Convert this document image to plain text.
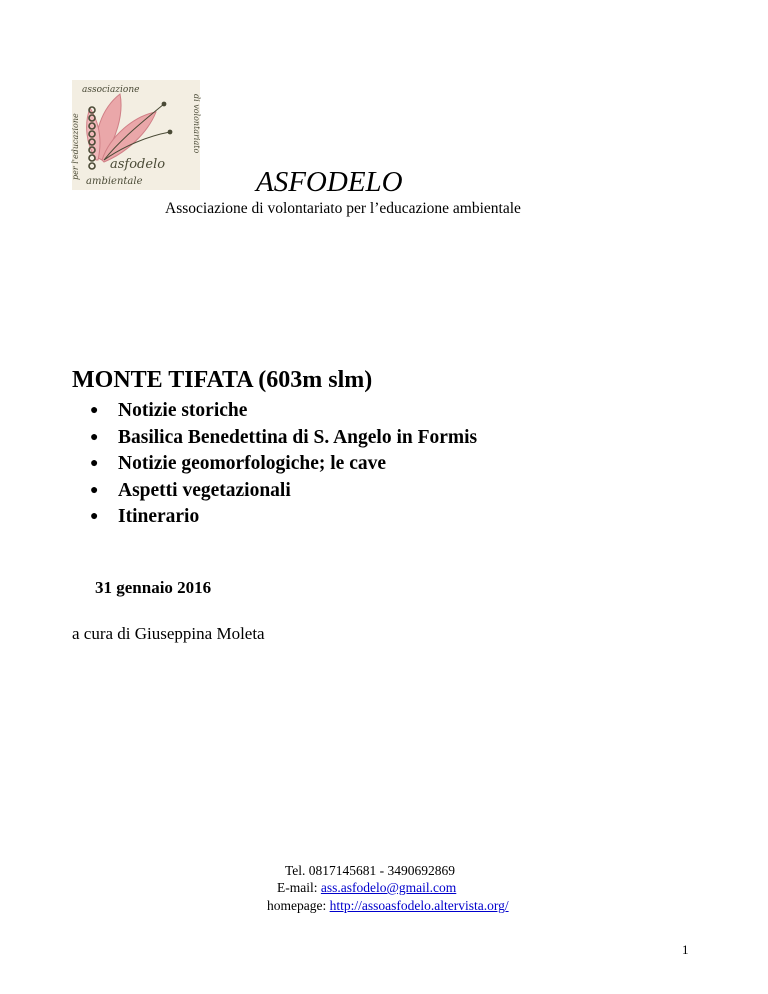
associazione
asfodelo
ambientale
per l'educazione	di volontariato
ASFODELO
Associazione di volontariato per l’educazione ambientale
MONTE TIFATA (603m slm)
● Notizie storiche
● Basilica Benedettina di S. Angelo in Formis
● Notizie geomorfologiche; le cave
● Aspetti vegetazionali
● Itinerario
31 gennaio 2016
a cura di Giuseppina Moleta
Tel. 0817145681 - 3490692869
E-mail: ass.asfodelo@gmail.com
homepage: http://assoasfodelo.altervista.org/
1
